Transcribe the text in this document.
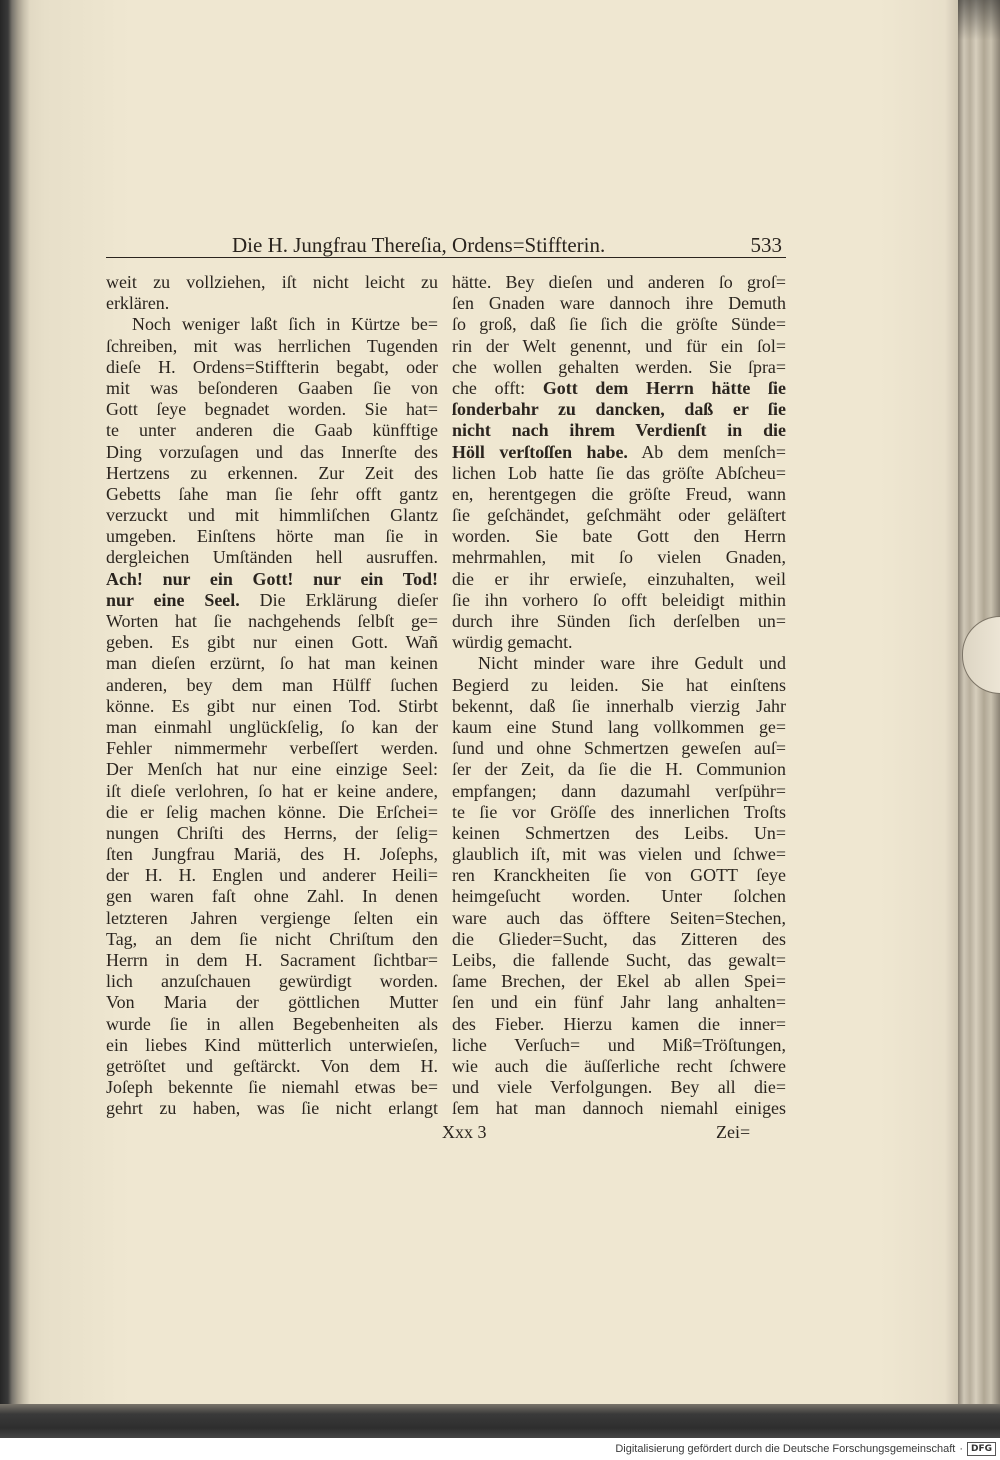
Die H. Jungfrau Thereſia, Ordens=Stiffterin.	533
weit zu vollziehen, iſt nicht leicht zu
erklären.
Noch weniger laßt ſich in Kürtze be=
ſchreiben, mit was herrlichen Tugenden
dieſe H. Ordens=Stiffterin begabt, oder
mit was beſonderen Gaaben ſie von
Gott ſeye begnadet worden. Sie hat=
te unter anderen die Gaab künfftige
Ding vorzuſagen und das Innerſte des
Hertzens zu erkennen. Zur Zeit des
Gebetts ſahe man ſie ſehr offt gantz
verzuckt und mit himmliſchen Glantz
umgeben. Einſtens hörte man ſie in
dergleichen Umſtänden hell ausruffen.
Ach! nur ein Gott! nur ein Tod!
nur eine Seel. Die Erklärung dieſer
Worten hat ſie nachgehends ſelbſt ge=
geben. Es gibt nur einen Gott. Wañ
man dieſen erzürnt, ſo hat man keinen
anderen, bey dem man Hülff ſuchen
könne. Es gibt nur einen Tod. Stirbt
man einmahl unglückſelig, ſo kan der
Fehler nimmermehr verbeſſert werden.
Der Menſch hat nur eine einzige Seel:
iſt dieſe verlohren, ſo hat er keine andere,
die er ſelig machen könne. Die Erſchei=
nungen Chriſti des Herrns, der ſelig=
ſten Jungfrau Mariä, des H. Joſephs,
der H. H. Englen und anderer Heili=
gen waren faſt ohne Zahl. In denen
letzteren Jahren vergienge ſelten ein
Tag, an dem ſie nicht Chriſtum den
Herrn in dem H. Sacrament ſichtbar=
lich anzuſchauen gewürdigt worden.
Von Maria der göttlichen Mutter
wurde ſie in allen Begebenheiten als
ein liebes Kind mütterlich unterwieſen,
getröſtet und geſtärckt. Von dem H.
Joſeph bekennte ſie niemahl etwas be=
gehrt zu haben, was ſie nicht erlangt
hätte. Bey dieſen und anderen ſo groſ=
ſen Gnaden ware dannoch ihre Demuth
ſo groß, daß ſie ſich die gröſte Sünde=
rin der Welt genennt, und für ein ſol=
che wollen gehalten werden. Sie ſpra=
che offt: Gott dem Herrn hätte ſie
ſonderbahr zu dancken, daß er ſie
nicht nach ihrem Verdienſt in die
Höll verſtoſſen habe. Ab dem menſch=
lichen Lob hatte ſie das gröſte Abſcheu=
en, herentgegen die gröſte Freud, wann
ſie geſchändet, geſchmäht oder geläſtert
worden. Sie bate Gott den Herrn
mehrmahlen, mit ſo vielen Gnaden,
die er ihr erwieſe, einzuhalten, weil
ſie ihn vorhero ſo offt beleidigt mithin
durch ihre Sünden ſich derſelben un=
würdig gemacht.
Nicht minder ware ihre Gedult und
Begierd zu leiden. Sie hat einſtens
bekennt, daß ſie innerhalb vierzig Jahr
kaum eine Stund lang vollkommen ge=
ſund und ohne Schmertzen geweſen auſ=
ſer der Zeit, da ſie die H. Communion
empfangen; dann dazumahl verſpühr=
te ſie vor Gröſſe des innerlichen Troſts
keinen Schmertzen des Leibs. Un=
glaublich iſt, mit was vielen und ſchwe=
ren Kranckheiten ſie von GOTT ſeye
heimgeſucht worden. Unter ſolchen
ware auch das öfftere Seiten=Stechen,
die Glieder=Sucht, das Zitteren des
Leibs, die fallende Sucht, das gewalt=
ſame Brechen, der Ekel ab allen Spei=
ſen und ein fünf Jahr lang anhalten=
des Fieber. Hierzu kamen die inner=
liche Verſuch= und Miß=Tröſtungen,
wie auch die äuſſerliche recht ſchwere
und viele Verfolgungen. Bey all die=
ſem hat man dannoch niemahl einiges
Xxx 3	Zei=
Digitalisierung gefördert durch die Deutsche Forschungsgemeinschaft · DFG
